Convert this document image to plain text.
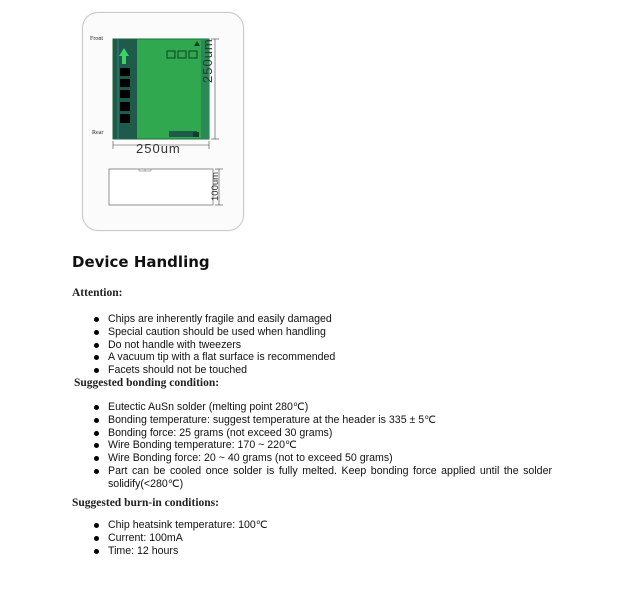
Front
Rear
250um
250um
100um
Device Handling
Attention:
Chips are inherently fragile and easily damaged
Special caution should be used when handling
Do not handle with tweezers
A vacuum tip with a flat surface is recommended
Facets should not be touched
Suggested bonding condition:
Eutectic AuSn solder (melting point 280℃)
Bonding temperature: suggest temperature at the header is 335 ± 5℃
Bonding force: 25 grams (not exceed 30 grams)
Wire Bonding temperature: 170 ~ 220℃
Wire Bonding force: 20 ~ 40 grams (not to exceed 50 grams)
Part can be cooled once solder is fully melted. Keep bonding force applied until the solder solidify(<280℃)
Suggested burn-in conditions:
Chip heatsink temperature: 100℃
Current: 100mA
Time: 12 hours
